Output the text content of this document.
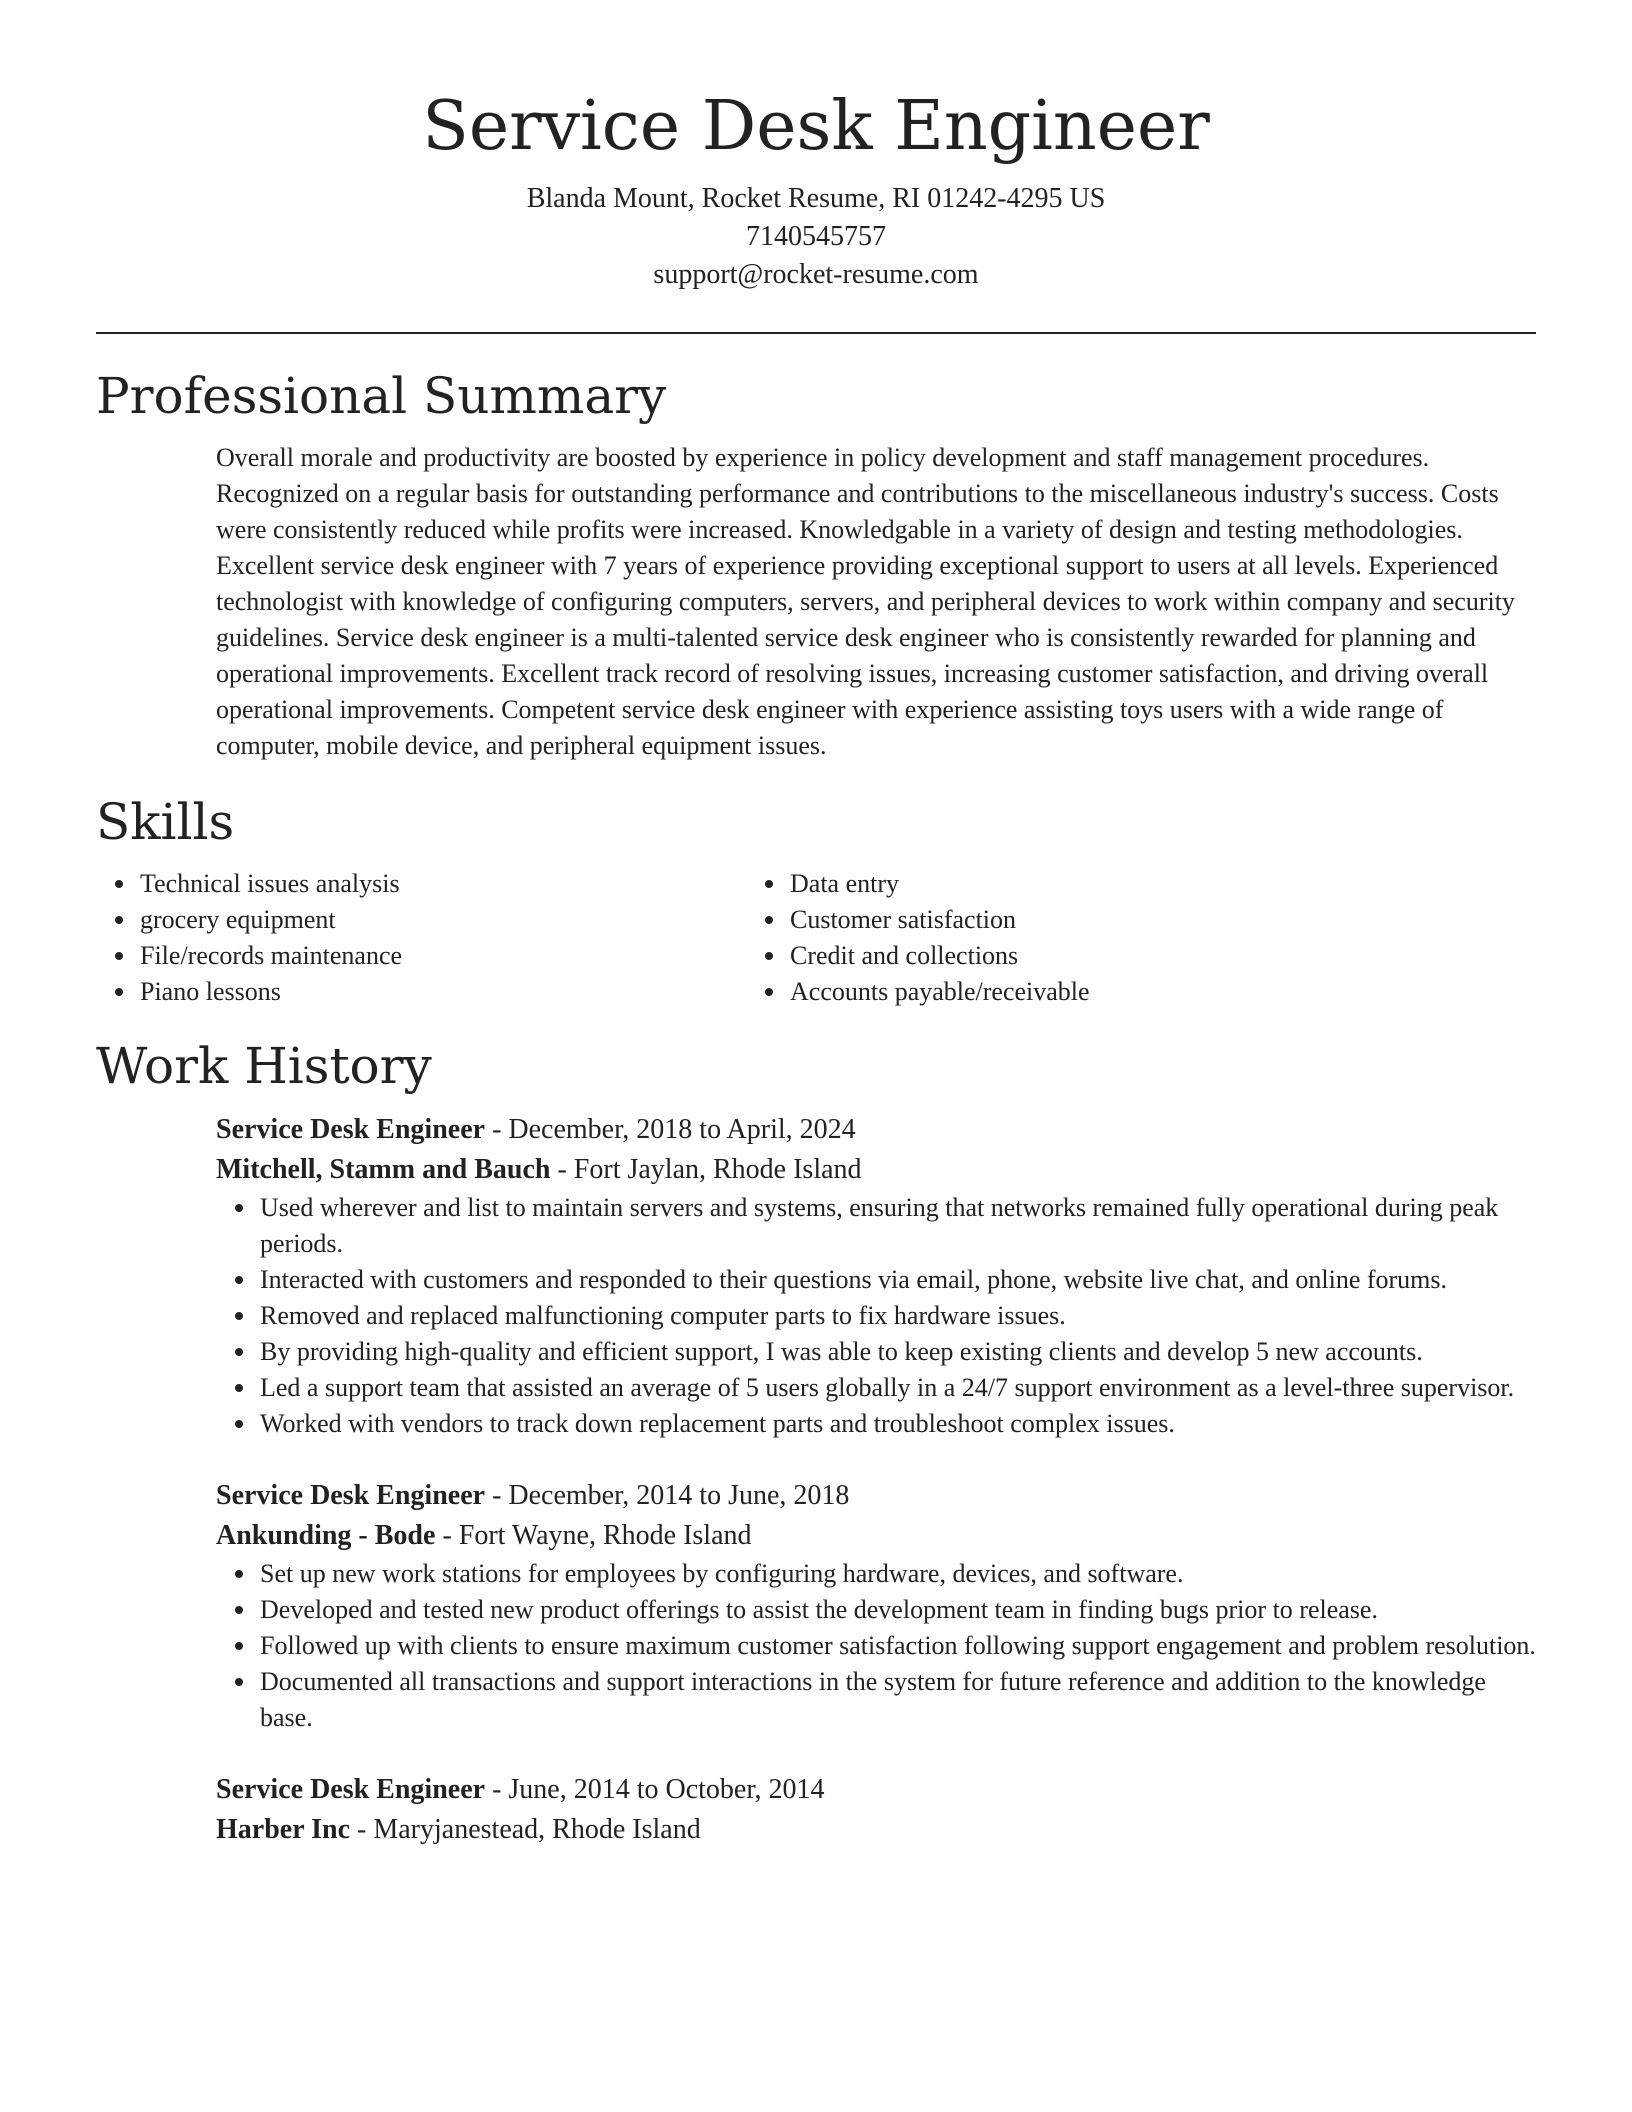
Service Desk Engineer
Blanda Mount, Rocket Resume, RI 01242-4295 US
7140545757
support@rocket-resume.com
Professional Summary

Overall morale and productivity are boosted by experience in policy development and staff management procedures. Recognized on a regular basis for outstanding performance and contributions to the miscellaneous industry's success. Costs were consistently reduced while profits were increased. Knowledgable in a variety of design and testing methodologies. Excellent service desk engineer with 7 years of experience providing exceptional support to users at all levels. Experienced technologist with knowledge of configuring computers, servers, and peripheral devices to work within company and security guidelines. Service desk engineer is a multi-talented service desk engineer who is consistently rewarded for planning and operational improvements. Excellent track record of resolving issues, increasing customer satisfaction, and driving overall operational improvements. Competent service desk engineer with experience assisting toys users with a wide range of computer, mobile device, and peripheral equipment issues.

Skills
Technical issues analysis
grocery equipment
File/records maintenance
Piano lessons
Data entry
Customer satisfaction
Credit and collections
Accounts payable/receivable
Work History
Service Desk Engineer - December, 2018 to April, 2024
Mitchell, Stamm and Bauch - Fort Jaylan, Rhode Island
Used wherever and list to maintain servers and systems, ensuring that networks remained fully operational during peak periods.
Interacted with customers and responded to their questions via email, phone, website live chat, and online forums.
Removed and replaced malfunctioning computer parts to fix hardware issues.
By providing high-quality and efficient support, I was able to keep existing clients and develop 5 new accounts.
Led a support team that assisted an average of 5 users globally in a 24/7 support environment as a level-three supervisor.
Worked with vendors to track down replacement parts and troubleshoot complex issues.
Service Desk Engineer - December, 2014 to June, 2018
Ankunding - Bode - Fort Wayne, Rhode Island
Set up new work stations for employees by configuring hardware, devices, and software.
Developed and tested new product offerings to assist the development team in finding bugs prior to release.
Followed up with clients to ensure maximum customer satisfaction following support engagement and problem resolution.
Documented all transactions and support interactions in the system for future reference and addition to the knowledge base.
Service Desk Engineer - June, 2014 to October, 2014
Harber Inc - Maryjanestead, Rhode Island
